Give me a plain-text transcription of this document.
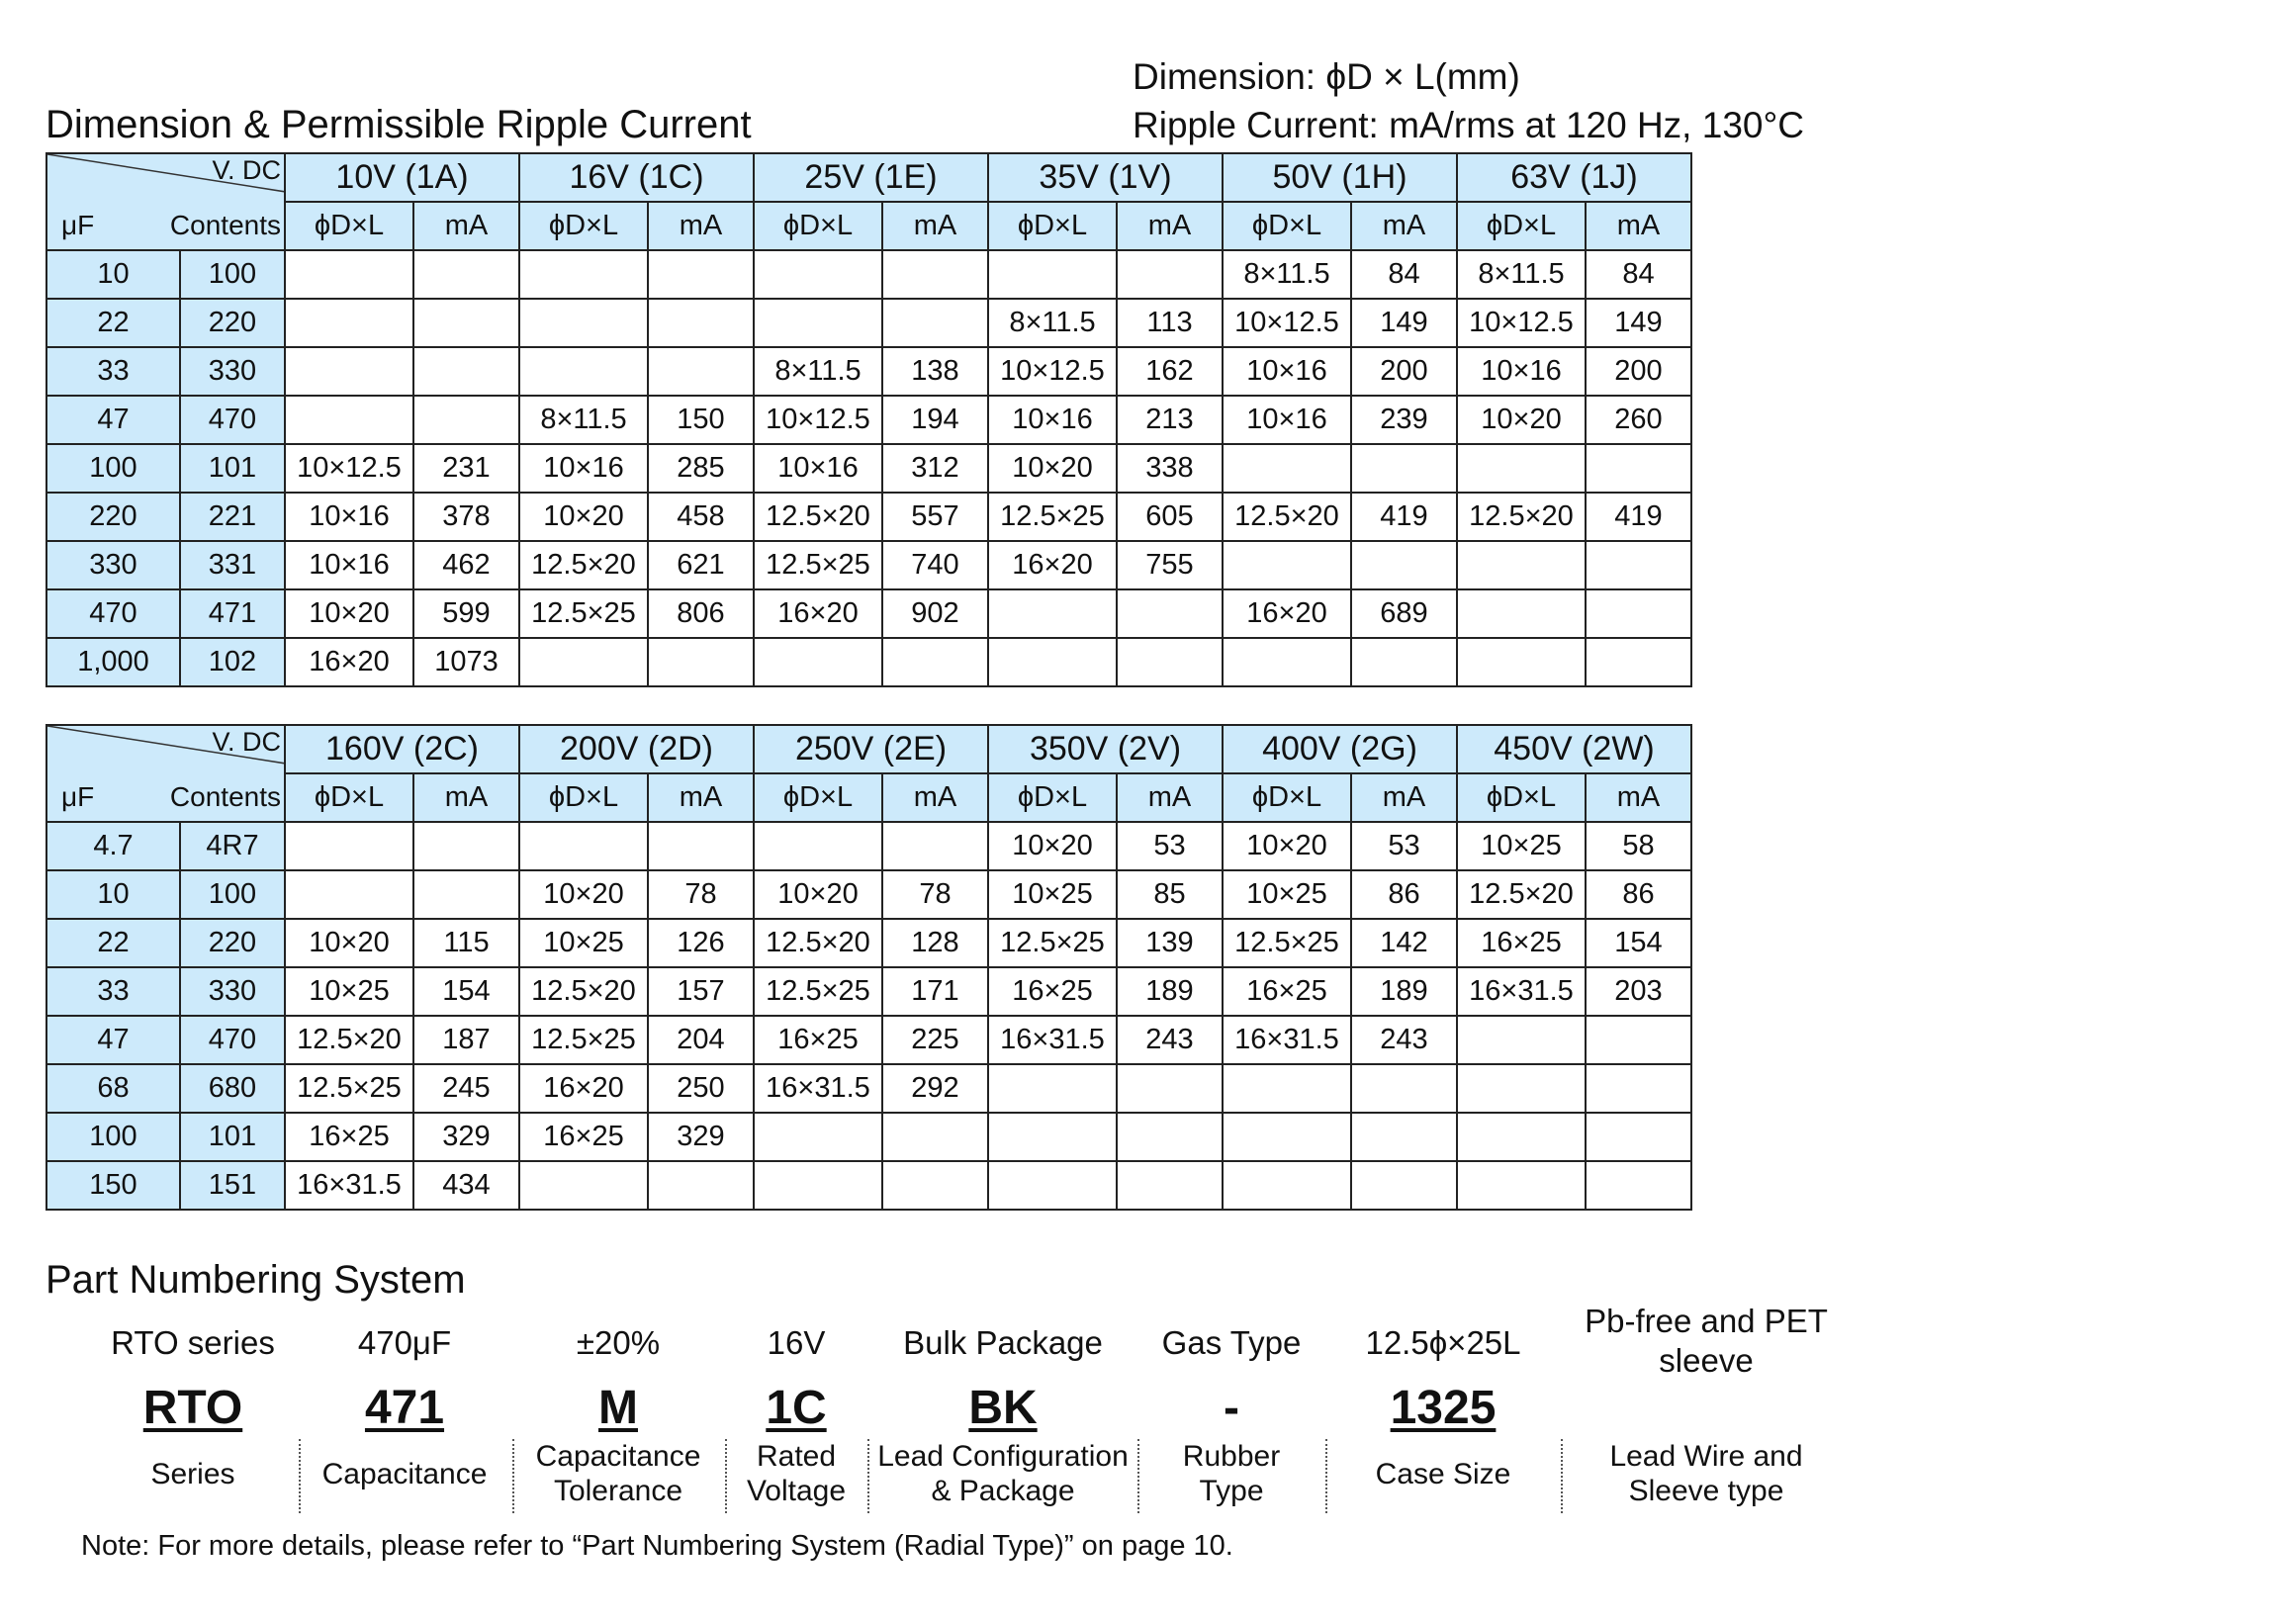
Dimension: ϕD × L(mm)
Ripple Current: mA/rms at 120 Hz, 130°C
Dimension & Permissible Ripple Current
V. DC
μF Contents		10V (1A)		16V (1C)		25V (1E)		35V (1V)		50V (1H)		63V (1J)	
		ϕD×L	mA	ϕD×L	mA	ϕD×L	mA	ϕD×L	mA	ϕD×L	mA	ϕD×L	mA
10	100									8×11.5	84	8×11.5	84
22	220							8×11.5	113	10×12.5	149	10×12.5	149
33	330					8×11.5	138	10×12.5	162	10×16	200	10×16	200
47	470			8×11.5	150	10×12.5	194	10×16	213	10×16	239	10×20	260
100	101	10×12.5	231	10×16	285	10×16	312	10×20	338				
220	221	10×16	378	10×20	458	12.5×20	557	12.5×25	605	12.5×20	419	12.5×20	419
330	331	10×16	462	12.5×20	621	12.5×25	740	16×20	755				
470	471	10×20	599	12.5×25	806	16×20	902			16×20	689		
1,000	102	16×20	1073										
V. DC
μF Contents		160V (2C)		200V (2D)		250V (2E)		350V (2V)		400V (2G)		450V (2W)	
		ϕD×L	mA	ϕD×L	mA	ϕD×L	mA	ϕD×L	mA	ϕD×L	mA	ϕD×L	mA
4.7	4R7							10×20	53	10×20	53	10×25	58
10	100			10×20	78	10×20	78	10×25	85	10×25	86	12.5×20	86
22	220	10×20	115	10×25	126	12.5×20	128	12.5×25	139	12.5×25	142	16×25	154
33	330	10×25	154	12.5×20	157	12.5×25	171	16×25	189	16×25	189	16×31.5	203
47	470	12.5×20	187	12.5×25	204	16×25	225	16×31.5	243	16×31.5	243		
68	680	12.5×25	245	16×20	250	16×31.5	292						
100	101	16×25	329	16×25	329								
150	151	16×31.5	434										
Part Numbering System
RTO series
RTO
Series
470μF
471
Capacitance
±20%
M
Capacitance
Tolerance
16V
1C
Rated
Voltage
Bulk Package
BK
Lead Configuration
& Package
Gas Type
-
Rubber
Type
12.5ϕ×25L
1325
Case Size
Pb-free and PET
sleeve
Lead Wire and
Sleeve type
Note: For more details, please refer to “Part Numbering System (Radial Type)” on page 10.
